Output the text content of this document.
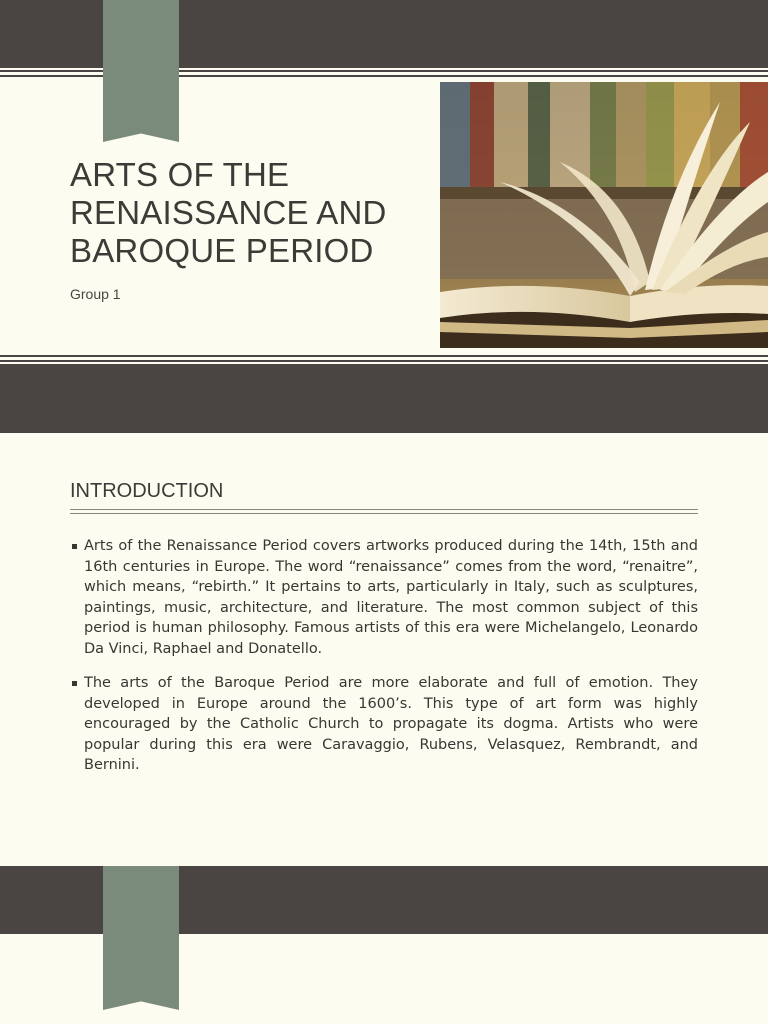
ARTS OF THE
RENAISSANCE AND
BAROQUE PERIOD
Group 1
INTRODUCTION
Arts of the Renaissance Period covers artworks produced during the 14th, 15th and 16th centuries in Europe. The word “renaissance” comes from the word, “renaitre”, which means, “rebirth.” It pertains to arts, particularly in Italy, such as sculptures, paintings, music, architecture, and literature. The most common subject of this period is human philosophy. Famous artists of this era were Michelangelo, Leonardo Da Vinci, Raphael and Donatello.
The arts of the Baroque Period are more elaborate and full of emotion. They developed in Europe around the 1600’s. This type of art form was highly encouraged by the Catholic Church to propagate its dogma. Artists who were popular during this era were Caravaggio, Rubens, Velasquez, Rembrandt, and Bernini.
